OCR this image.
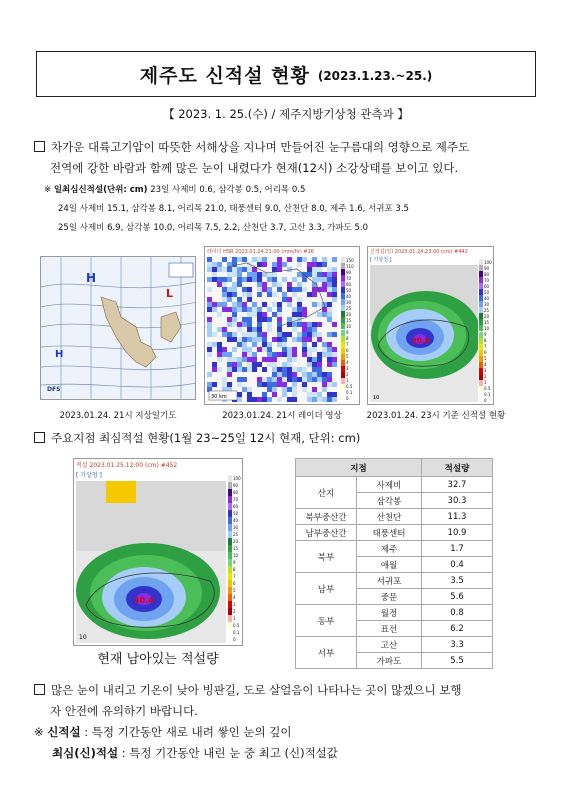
제주도 신적설 현황 (2023.1.23.~25.)
【 2023. 1. 25.(수) / 제주지방기상청 관측과 】
차가운 대륙고기압이 따뜻한 서해상을 지나며 만들어진 눈구름대의 영향으로 제주도
전역에 강한 바람과 함께 많은 눈이 내렸다가 현재(12시) 소강상태를 보이고 있다.
※ 일최심신적설(단위: cm) 23일 사제비 0.6, 삼각봉 0.5, 어리목 0.5
24일 사제비 15.1, 삼각봉 8.1, 어리목 21.0, 태풍센터 9.0, 산천단 8.0, 제주 1.6, 서귀포 3.5
25일 사제비 6.9, 삼각봉 10.0, 어리목 7.5, 2.2, 산천단 3.7, 고산 3.3, 가파도 5.0
H
L
H
DFS
2023.01.24. 21시 지상일기도
레이더 HSR 2023.01.24.21:00 (mm/hr) #16
30 km
150
110
90
70
60
50
40
30
25
20
15
10
9
8
7
6
5
4
3
2
1
0.5
0.1
0
2023.01.24. 21시 레이더 영상
신적설(일) 2023.01.24.23:00 (cm) #442
[ 기상청 ]
20.8
10
100
90
80
70
60
50
40
30
25
20
15
10
9
8
7
6
5
4
3
2
1
0.5
0.1
0
2023.01.24. 23시 기준 신적설 현황
주요지점 최심적설 현황(1월 23~25일 12시 현재, 단위: cm)
적설 2023.01.25.12:00 (cm) #452
[ 기상청 ]
30.4
10
100
90
80
70
60
50
40
30
25
20
15
10
9
8
7
6
5
4
3
2
1
0.5
0.1
0
현재 남아있는 적설량
지점		적설량
산지	사제비	32.7
	삼각봉	30.3
북부중산간	산천단	11.3
남부중산간	태풍센터	10.9
북부	제주	1.7
	애월	0.4
남부	서귀포	3.5
	중문	5.6
동부	월정	0.8
	표선	6.2
서부	고산	3.3
	가파도	5.5
많은 눈이 내리고 기온이 낮아 빙판길, 도로 살얼음이 나타나는 곳이 많겠으니 보행
자 안전에 유의하기 바랍니다.
※ 신적설 : 특정 기간동안 새로 내려 쌓인 눈의 깊이
최심(신)적설 : 특정 기간동안 내린 눈 중 최고 (신)적설값
